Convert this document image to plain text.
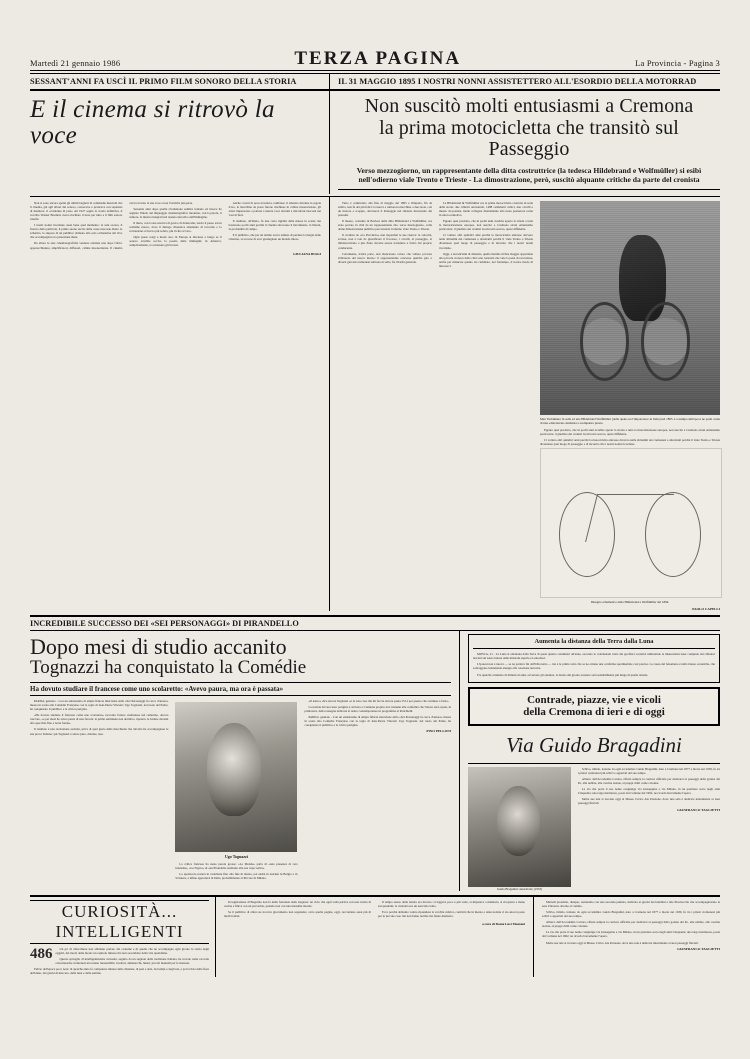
Martedì 21 gennaio 1986	TERZA PAGINA	La Provincia - Pagina 3
SESSANT'ANNI FA USCÌ IL PRIMO FILM SONORO DELLA STORIA	IL 31 MAGGIO 1895 I NOSTRI NONNI ASSISTETTERO ALL'ESORDIO DELLA MOTORRAD
E il cinema si ritrovò la voce
Non suscitò molti entusiasmi a Cremona
la prima motocicletta che transitò sul Passeggio
Verso mezzogiorno, un rappresentante della ditta costruttrice (la tedesca Hildebrand e Wolfmüller) si esibì nell'odierno viale Trento e Trieste - La dimostrazione, però, suscitò alquante critiche da parte del cronista

Non si sono ancora spenti gli ultimi bagliori di commedie musicali che il cinema, già agli albori del sonoro, conosceva e praticava con sapienza di mestiere: il «Cantante di jazz» del 1927 segnò la svolta definitiva, il vecchio Warner Brothers aveva rischiato il tutto per tutto e il film sonoro trionfò.

I nostri nonni ricordano assai bene quel momento: la sala oscura, il fruscio della pellicola, il primo suono uscito dalle casse nascoste dietro lo schermo, lo stupore di un pubblico abituato alla sola orchestrina dal vivo che accompagnava la proiezione muta.

Da allora le sale cinematografiche vennero adattate una dopo l'altra: apparecchiature, amplificatori, diffusori, cabine insonorizzate. Il cinema aveva trovato la sua voce e non l'avrebbe più persa.

Sessanta anni dopo quella rivoluzione sembra lontana ed invece ha segnato l'inizio del linguaggio cinematografico moderno, con la parola, il rumore, la musica integrati nel tessuto narrativo dell'immagine.

Il muto, con la sua retorica di gesti e di didascalie, lasciò il passo ad un realismo nuovo, dove il dialogo diventava strumento di racconto e la recitazione si faceva più sobria, più vicina al vero.

Ogni paese reagì a modo suo: in Europa si discusse a lungo se il sonoro avrebbe ucciso la poesia delle immagini; in America, semplicemente, si contarono gli incassi.

Anche i teatri di posa dovettero cambiare: il silenzio divenne la regola d'oro, le macchine da presa furono rinchiuse in cabine insonorizzate, gli attori impararono a parlare a mezza voce davanti a microfoni nascosti nei vasi di fiori.

Il risultato, all'inizio, fu una certa rigidità della messa in scena; ma bastarono pochi anni perché il cinema ritrovasse il movimento, la libertà, la profondità di campo.

E il pubblico, che per un attimo aveva temuto di perdere la magia dello schermo, si accorse di aver guadagnato un mondo intero.

GIULIANA BIAGI

Tutto è cominciato alla fine di maggio del 1895 e l'impatto, fin da subito, non fu dei più felici: la nuova e rumorosa macchina a due ruote, con un motore a scoppio, attraversò il Passeggio nel silenzio incuriosito dei passanti.

Il mezzo, costruito in Baviera dalla ditta Hildebrand e Wolfmüller, era stato portato in città da un rappresentante che, verso mezzogiorno, volle darne dimostrazione pubblica percorrendo l'odierno viale Trento e Trieste.

Il cronista de «La Provincia» non risparmiò le sue riserve: la velocità, scrisse, non è tale da giustificare il fracasso; i cavalli, al passaggio, si imbizzarrivano e più d'uno dovette essere trattenuto a fatica dal proprio conducente.

Certamente, d'altra parte, non mancarono coloro che vollero provare l'ebbrezza del nuovo mezzo: il rappresentante concesse qualche giro e diversi giovani cremonesi salirono in sella, fra l'ilarità generale.

La Hildebrand & Wolfmüller era la prima motocicletta costruita in serie della storia: due cilindri orizzontali, 1488 centimetri cubici, due cavalli e mezzo di potenza, bielle collegate direttamente alla ruota posteriore come in una locomotiva.

Eppure quel prodotto, che in pochi anni avrebbe aperto la strada a tutta la motorizzazione europea, non suscitò a Cremona alcun entusiasmo particolare: il giudizio dei cronisti locali restò severo, quasi diffidente.

Ci vollero altri quindici anni perché la motocicletta entrasse davvero nelle abitudini dei cremonesi e altrettanti perché il viale Trento e Trieste diventasse quel luogo di passeggio e di incontro che i nostri nonni ricordano.

Oggi, a novant'anni di distanza, quella mattina di fine maggio appartiene alla piccola cronaca della città: una curiosità che vale la pena di raccontare, anche per misurare quanto sia cambiato, nel frattempo, il nostro modo di muoverci.

Max Turbikinter in sella ad una Hildebrand Wolfmüller (della quale era l'importatore in Italia) nel 1895. La stampa dell'epoca ne parlò come di una «diavoleria» destinata a scomparire presto.

Eppure quel prodotto, che in pochi anni avrebbe aperto la strada a tutta la motorizzazione europea, non suscitò a Cremona alcun entusiasmo particolare: il giudizio dei cronisti locali restò severo, quasi diffidente.

Ci vollero altri quindici anni perché la motocicletta entrasse davvero nelle abitudini dei cremonesi e altrettanti perché il viale Trento e Trieste diventasse quel luogo di passeggio e di incontro che i nostri nonni ricordano.

Disegno schematico della Hildebrand e Wolfmüller del 1894.
PAOLO CAPELLI
INCREDIBILE SUCCESSO DEI «SEI PERSONAGGI» DI PIRANDELLO
Dopo mesi di studio accanito
Tognazzi ha conquistato la Comédie
Ha dovuto studiare il francese come uno scolaretto: «Avevo paura, ma ora è passata»

PARIGI, gennaio - Con un entusiasmo di ampia fiducia interviene sulla «Sei Personaggi in cerca d'autore» messa in scena alla Comédie Française con la regia di Jean-Pierre Vincent: Ugo Tognazzi, nel ruolo del Padre, ha conquistato il pubblico e la critica parigina.

«Ho dovuto studiare il francese come uno scolaretto» racconta l'attore cremonese nel camerino, ancora truccato, «e per mesi ho avuto paura di non farcela: le prime settimane non dormivo, ripetevo le battute davanti allo specchio fino a notte fonda».

Il risultato è una recitazione asciutta, priva di quel gusto della macchietta che talvolta ha accompagnato le sue prove italiane: qui Tognazzi è attore puro, dolente, teso.

Ugo Tognazzi

La critica francese ha usato parole grosse: «Le Monde» parla di «una presenza di rara intensità», «Le Figaro» di «un Pirandello restituito alla sua cupa verità».

Lo spettacolo resterà in cartellone fino alla fine di marzo, poi andrà in tournée in Belgio e in Svizzera, e infine approderà in Italia, probabilmente al Piccolo di Milano.

«Il teatro» dice ancora Tognazzi «è la sola cosa che mi faccia ancora paura. Ed è per questo che continuo a farlo».

La notizia del successo parigino è arrivata a Cremona proprio ieri, insieme alla conferma che l'attore sarà ospite, in primavera, della rassegna dedicata al teatro contemporaneo in programma al Ponchielli.

PARIGI, gennaio - Con un entusiasmo di ampia fiducia interviene sulla «Sei Personaggi in cerca d'autore» messa in scena alla Comédie Française con la regia di Jean-Pierre Vincent: Ugo Tognazzi, nel ruolo del Padre, ha conquistato il pubblico e la critica parigina.

PINO PELLONI
Aumenta la distanza della Terra dalla Luna

MOSCA, 21 - La Luna si allontana dalla Terra di quasi quattro centimetri all'anno, secondo le conclusioni tratte dai geofisici sovietici utilizzando le misurazioni laser compiute dai riflettori lasciati sul suolo lunare dalle missioni Apollo e Lunochod.

L'ipotesi non è nuova — se ne parlava fin dall'Ottocento — ma è la prima volta che se ne ottiene una conferma sperimentale così precisa. La causa del fenomeno è nelle maree oceaniche, che sottraggono lentamente energia alla rotazione terrestre.

Fra qualche centinaio di milioni di anni, avvertono gli studiosi, la durata del giorno terrestre sarà sensibilmente più lunga di quella attuale.

Contrade, piazze, vie e vicoli
della Cremona di ieri e di oggi
Via Guido Bragadini
Guido Bragadini: autoritratto (1933)

Schivo, timido, lontano da ogni accademia: Guido Bragadini, nato a Cremona nel 1877 e morto nel 1939, fu tra i pittori cremonesi più schivi e appartati del suo tempo.

Allievo dell'Accademia Carrara, rifiutò sempre la carriera ufficiale per dedicarsi ai paesaggi della golena del Po, alle nebbie, alle cascine isolate, ai pioppi dritti come colonne.

La via che porta il suo nome congiunge via Giuseppina a via Milano, in un quartiere sorto negli anni Cinquanta; una targa marmorea, posta dal Comune nel 1962, ne ricorda brevemente l'opera.

Molte sue tele si trovano oggi al Museo Civico Ala Ponzone, dove una sala è dedicata interamente ai suoi paesaggi fluviali.

GIANFRANCO TAGLIETTI
CURIOSITÀ... INTELLIGENTI
486	Un po' di chiacchiere non abbiamo parlato del costume e di quello che ne accompagna ogni giorno la storia degli oggetti, dei modi, delle mode: un capitolo minore ma non secondario della vita quotidiana.

Questo spiraglio di intelligentissime curiosità, seguito da un segnale della tradizione italiana, ha trovato nelle raccolte ottocentesche cremonesi un terreno inesauribile: ricettari, almanacchi, lunari, piccoli manuali per le massaie.

Fulvio dell'epoca poco note: di qualche anno fa compaiono misure delle distanze, di pesi e dosi, dei tempi e degli usi, e poi la lista delle fiere dell'anno, dei giorni di mercato, delle lune e delle semine.

In legislazione di Bagolino non fa nulla fortunata dalla stagione: un ciclo che ogni volta partiva con una ricetta di cucina e finiva con un proverbio, quando non con una massima morale.

Se il pubblico di allora ne trovava giovamento non sappiamo; certo quelle pagine, oggi, raccontano assai più di molti trattati.

Il tempo stesso della lettura era diverso: si leggeva poco e più volte, si imparava a memoria, si ricopiava a mano sui quaderni; la curiosità era un esercizio lento.

Ecco perché abbiamo voluto riprendere la vecchia rubrica, convinti che in mezzo a tante notizie ci sia ancora posto per le piccole cose che non fanno notizia ma fanno memoria.

a cura di Dante Luci Montani

Martedì prossimo, dunque, torneremo con una seconda puntata, dedicata ai giochi dei bambini e alle filastrocche che accompagnavano le sere d'inverno attorno al camino.

Schivo, timido, lontano da ogni accademia: Guido Bragadini, nato a Cremona nel 1877 e morto nel 1939, fu tra i pittori cremonesi più schivi e appartati del suo tempo.

Allievo dell'Accademia Carrara, rifiutò sempre la carriera ufficiale per dedicarsi ai paesaggi della golena del Po, alle nebbie, alle cascine isolate, ai pioppi dritti come colonne.

La via che porta il suo nome congiunge via Giuseppina a via Milano, in un quartiere sorto negli anni Cinquanta; una targa marmorea, posta dal Comune nel 1962, ne ricorda brevemente l'opera.

Molte sue tele si trovano oggi al Museo Civico Ala Ponzone, dove una sala è dedicata interamente ai suoi paesaggi fluviali.

GIANFRANCO TAGLIETTI
